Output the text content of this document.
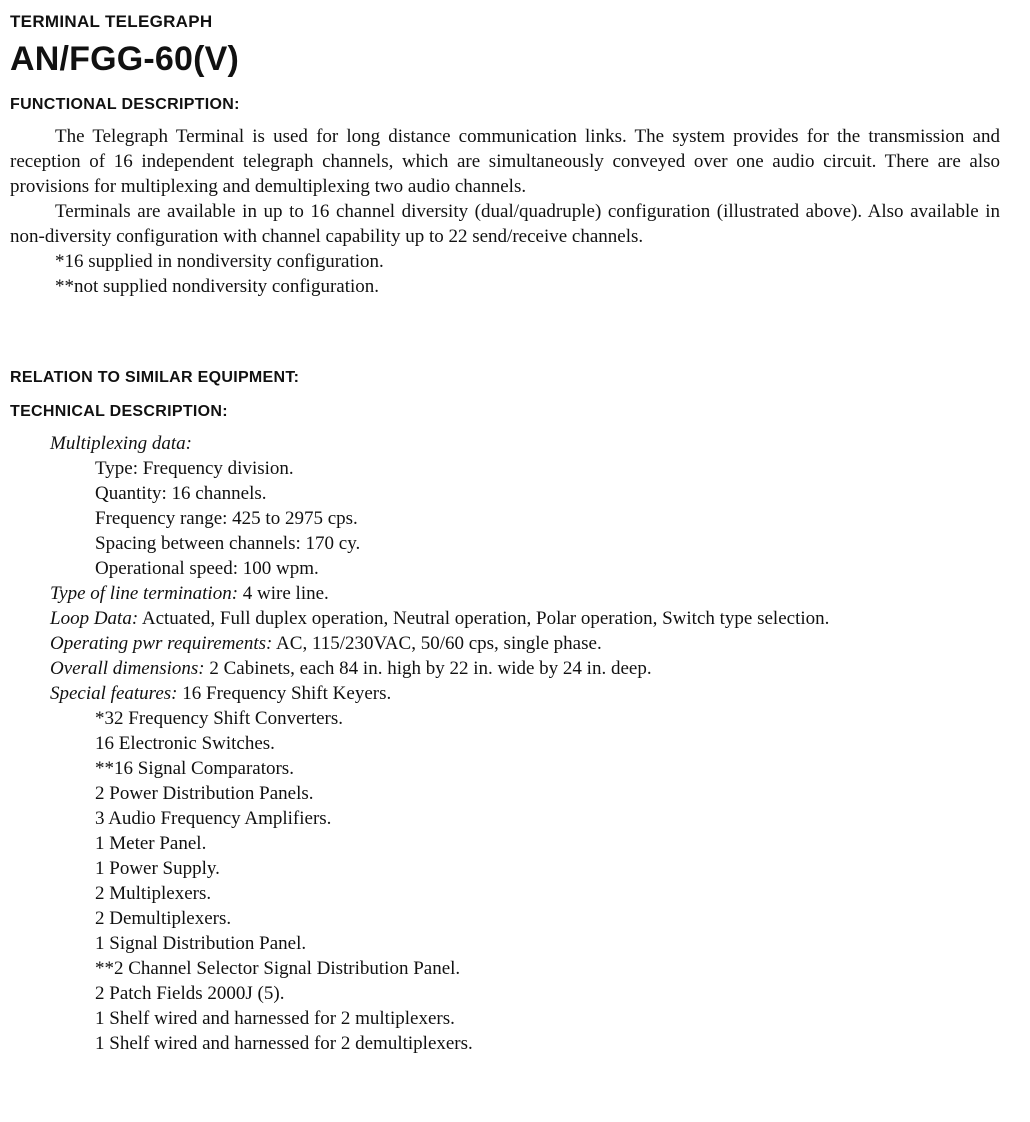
TERMINAL TELEGRAPH
AN/FGG-60(V)
FUNCTIONAL DESCRIPTION:

The Telegraph Terminal is used for long distance communication links. The system provides for the transmission and reception of 16 independent telegraph channels, which are simultaneously conveyed over one audio circuit. There are also provisions for multiplexing and demultiplexing two audio channels.

Terminals are available in up to 16 channel diversity (dual/quadruple) configuration (illustrated above). Also available in non-diversity configuration with channel capability up to 22 send/receive channels.

*16 supplied in nondiversity configuration.

**not supplied nondiversity configuration.

RELATION TO SIMILAR EQUIPMENT:
TECHNICAL DESCRIPTION:

Multiplexing data:

Type: Frequency division.

Quantity: 16 channels.

Frequency range: 425 to 2975 cps.

Spacing between channels: 170 cy.

Operational speed: 100 wpm.

Type of line termination: 4 wire line.

Loop Data: Actuated, Full duplex operation, Neutral operation, Polar operation, Switch type selection.

Operating pwr requirements: AC, 115/230VAC, 50/60 cps, single phase.

Overall dimensions: 2 Cabinets, each 84 in. high by 22 in. wide by 24 in. deep.

Special features: 16 Frequency Shift Keyers.

*32 Frequency Shift Converters.

16 Electronic Switches.

**16 Signal Comparators.

2 Power Distribution Panels.

3 Audio Frequency Amplifiers.

1 Meter Panel.

1 Power Supply.

2 Multiplexers.

2 Demultiplexers.

1 Signal Distribution Panel.

**2 Channel Selector Signal Distribution Panel.

2 Patch Fields 2000J (5).

1 Shelf wired and harnessed for 2 multiplexers.

1 Shelf wired and harnessed for 2 demultiplexers.
